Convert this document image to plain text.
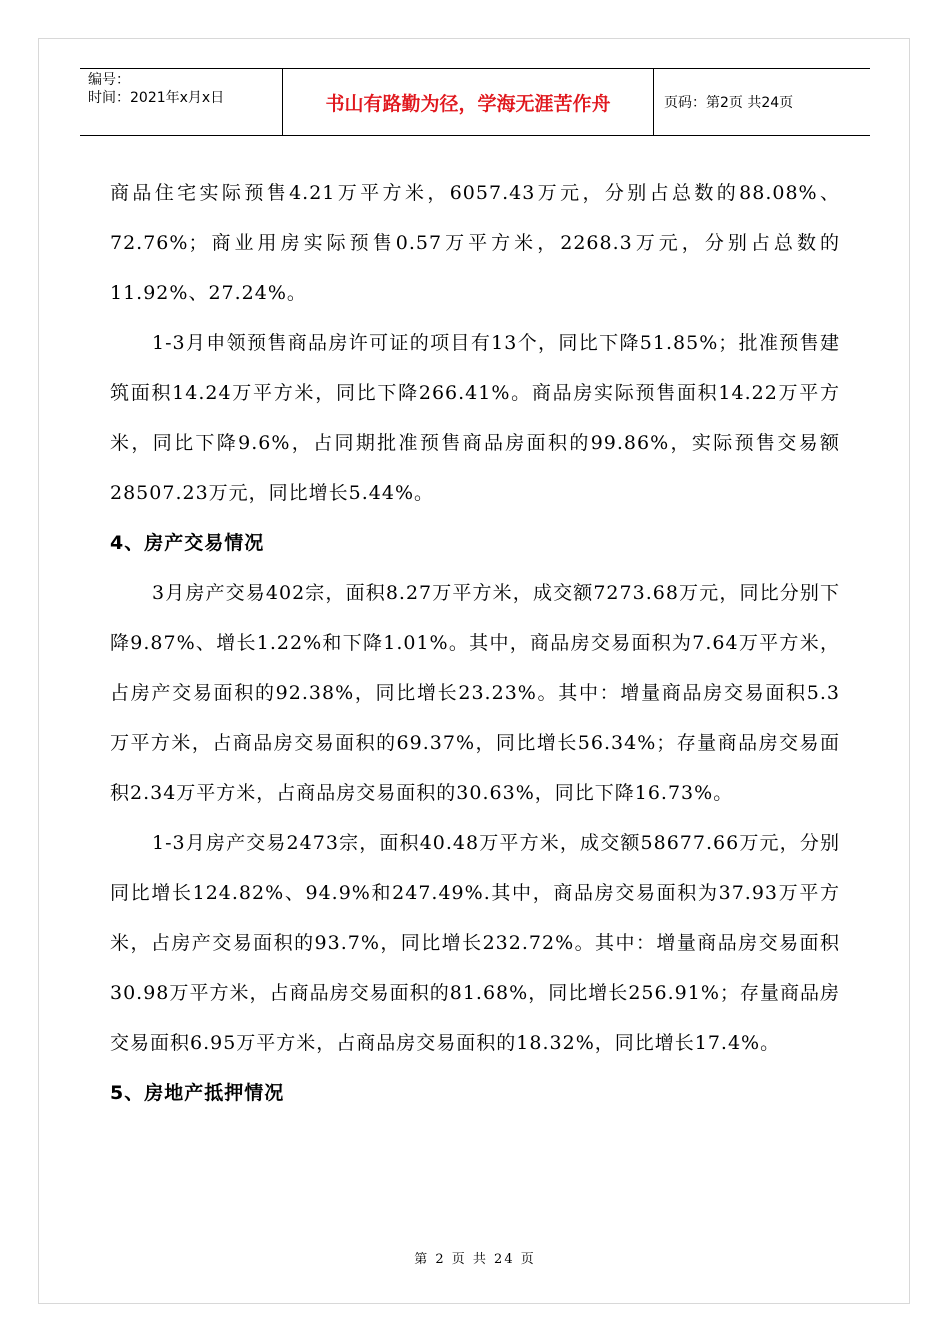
编号：
时间：2021年x月x日	书山有路勤为径，学海无涯苦作舟	页码：第2页 共24页

商品住宅实际预售4.21万平方米，6057.43万元，分别占总数的88.08%、72.76%；商业用房实际预售0.57万平方米，2268.3万元，分别占总数的11.92%、27.24%。

1-3月申领预售商品房许可证的项目有13个，同比下降51.85%；批准预售建筑面积14.24万平方米，同比下降266.41%。商品房实际预售面积14.22万平方米，同比下降9.6%，占同期批准预售商品房面积的99.86%，实际预售交易额28507.23万元，同比增长5.44%。

4、房产交易情况

3月房产交易402宗，面积8.27万平方米，成交额7273.68万元，同比分别下降9.87%、增长1.22%和下降1.01%。其中，商品房交易面积为7.64万平方米，占房产交易面积的92.38%，同比增长23.23%。其中：增量商品房交易面积5.3万平方米，占商品房交易面积的69.37%，同比增长56.34%；存量商品房交易面积2.34万平方米，占商品房交易面积的30.63%，同比下降16.73%。

1-3月房产交易2473宗，面积40.48万平方米，成交额58677.66万元，分别同比增长124.82%、94.9%和247.49%.其中，商品房交易面积为37.93万平方米，占房产交易面积的93.7%，同比增长232.72%。其中：增量商品房交易面积30.98万平方米，占商品房交易面积的81.68%，同比增长256.91%；存量商品房交易面积6.95万平方米，占商品房交易面积的18.32%，同比增长17.4%。

5、房地产抵押情况
第 2 页 共 24 页
